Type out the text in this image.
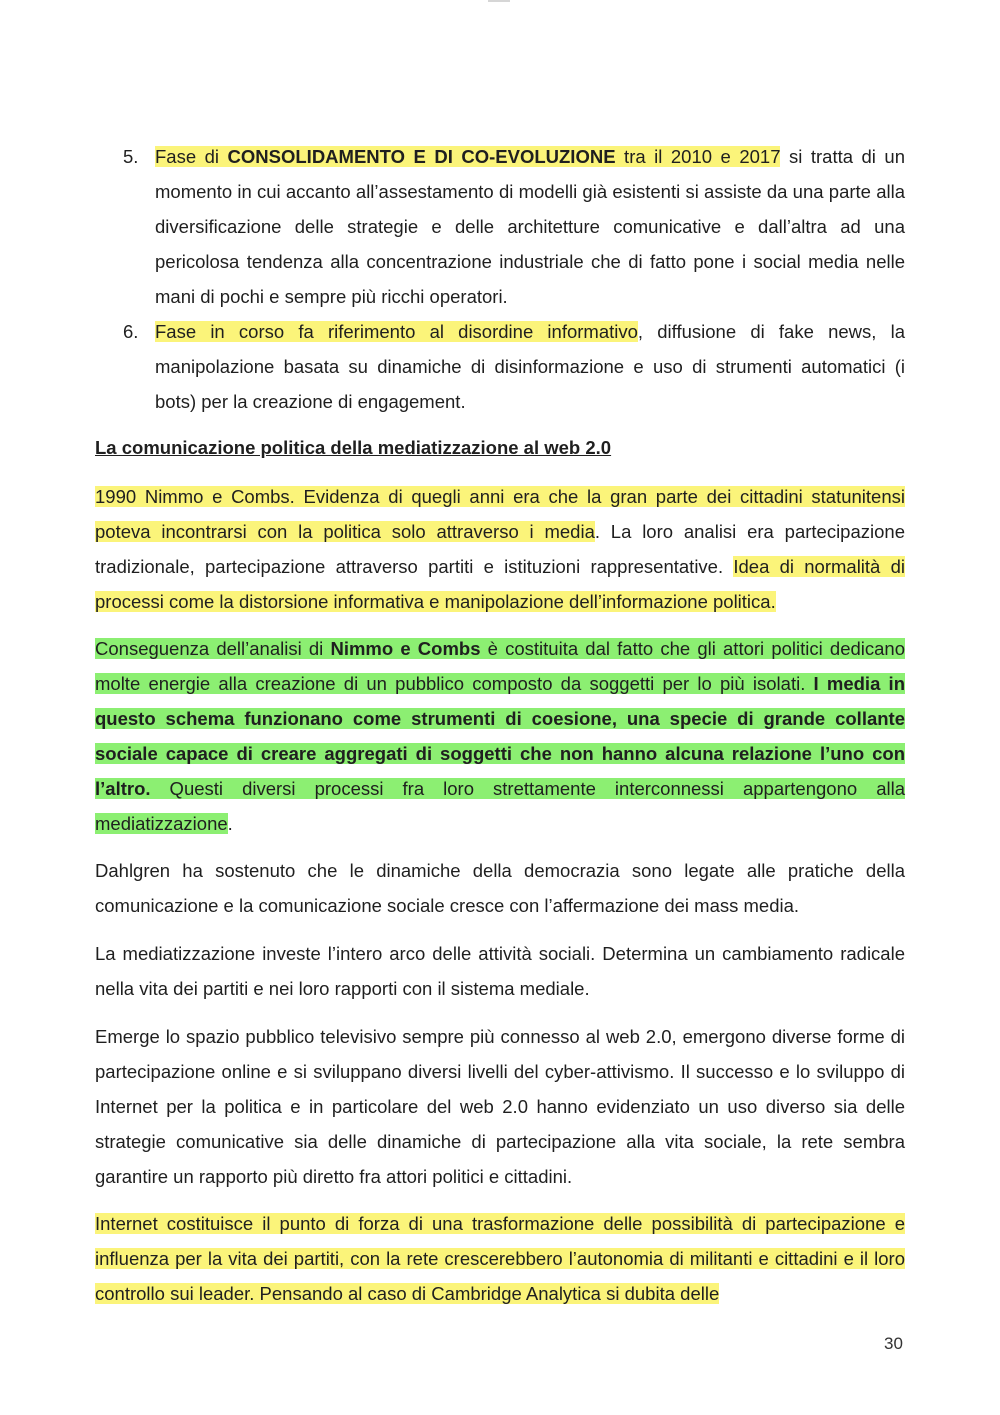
5. Fase di CONSOLIDAMENTO E DI CO-EVOLUZIONE tra il 2010 e 2017 si tratta di un momento in cui accanto all’assestamento di modelli già esistenti si assiste da una parte alla diversificazione delle strategie e delle architetture comunicative e dall’altra ad una pericolosa tendenza alla concentrazione industriale che di fatto pone i social media nelle mani di pochi e sempre più ricchi operatori.
6. Fase in corso fa riferimento al disordine informativo, diffusione di fake news, la manipolazione basata su dinamiche di disinformazione e uso di strumenti automatici (i bots) per la creazione di engagement.
La comunicazione politica della mediatizzazione al web 2.0
1990 Nimmo e Combs. Evidenza di quegli anni era che la gran parte dei cittadini statunitensi poteva incontrarsi con la politica solo attraverso i media. La loro analisi era partecipazione tradizionale, partecipazione attraverso partiti e istituzioni rappresentative. Idea di normalità di processi come la distorsione informativa e manipolazione dell’informazione politica.
Conseguenza dell’analisi di Nimmo e Combs è costituita dal fatto che gli attori politici dedicano molte energie alla creazione di un pubblico composto da soggetti per lo più isolati. I media in questo schema funzionano come strumenti di coesione, una specie di grande collante sociale capace di creare aggregati di soggetti che non hanno alcuna relazione l’uno con l’altro. Questi diversi processi fra loro strettamente interconnessi appartengono alla mediatizzazione.
Dahlgren ha sostenuto che le dinamiche della democrazia sono legate alle pratiche della comunicazione e la comunicazione sociale cresce con l’affermazione dei mass media.
La mediatizzazione investe l’intero arco delle attività sociali. Determina un cambiamento radicale nella vita dei partiti e nei loro rapporti con il sistema mediale.
Emerge lo spazio pubblico televisivo sempre più connesso al web 2.0, emergono diverse forme di partecipazione online e si sviluppano diversi livelli del cyber-attivismo. Il successo e lo sviluppo di Internet per la politica e in particolare del web 2.0 hanno evidenziato un uso diverso sia delle strategie comunicative sia delle dinamiche di partecipazione alla vita sociale, la rete sembra garantire un rapporto più diretto fra attori politici e cittadini.
Internet costituisce il punto di forza di una trasformazione delle possibilità di partecipazione e influenza per la vita dei partiti, con la rete crescerebbero l’autonomia di militanti e cittadini e il loro controllo sui leader. Pensando al caso di Cambridge Analytica si dubita delle
30
